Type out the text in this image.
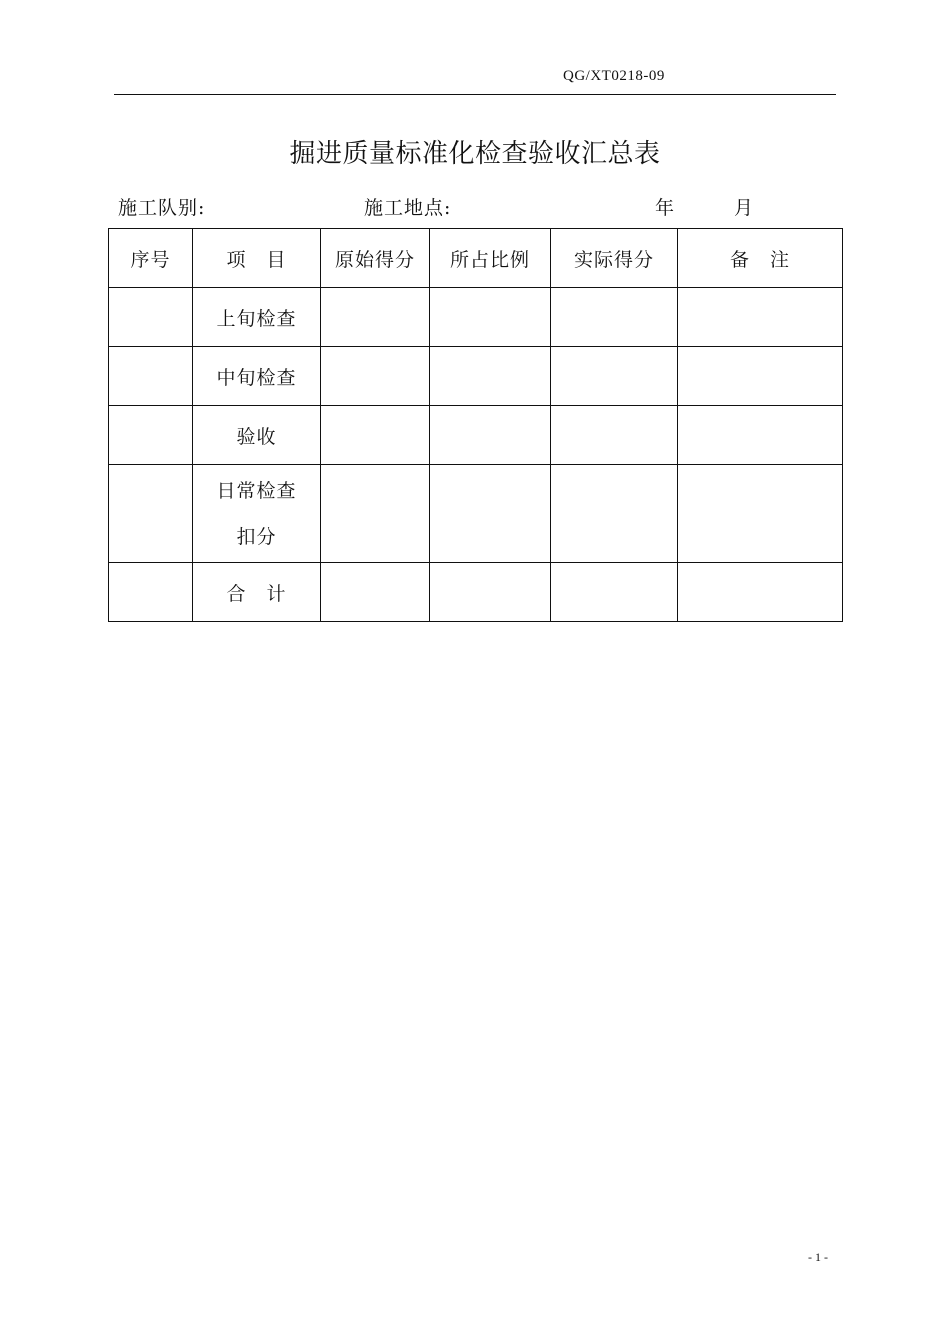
QG/XT0218-09
掘进质量标准化检查验收汇总表
施工队别:	施工地点:	年	月
序号	项　目	原始得分	所占比例	实际得分	备　注
	上旬检查				
	中旬检查				
	验收				

	日常检查
扣分				

	合　计				
- 1 -
